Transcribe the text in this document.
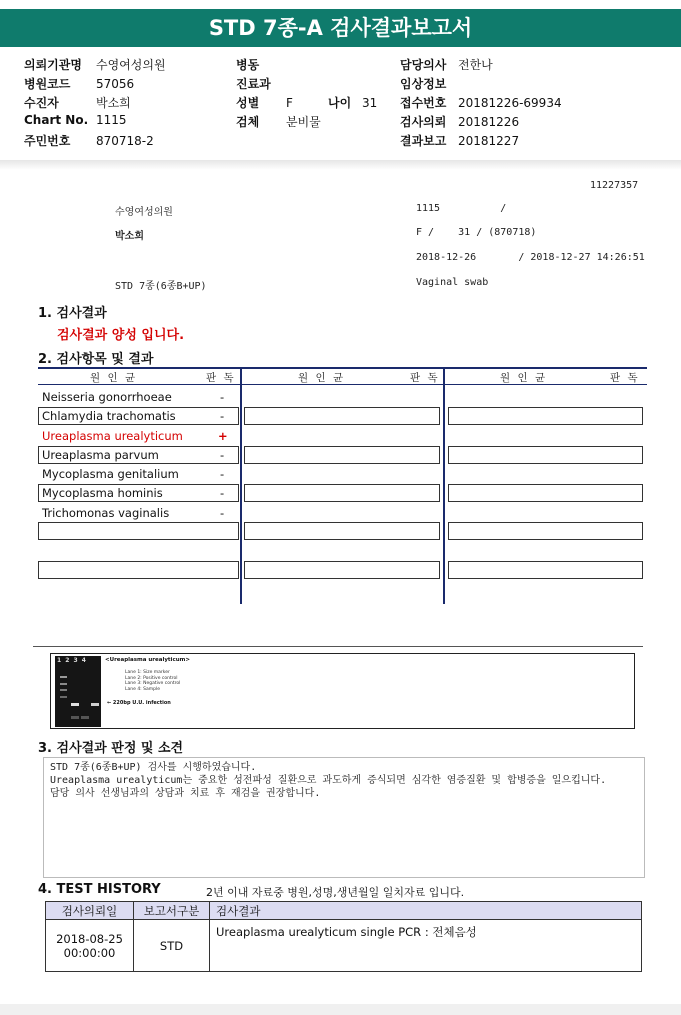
STD 7종-A 검사결과보고서
의뢰기관명 수영여성의원
병원코드 57056
수진자	박소희
Chart No. 1115
주민번호 870718-2
병동
진료과
성별 F	나이 31
검체 분비물
담당의사 전한나
임상정보
접수번호 20181226-69934
검사의뢰 20181226
결과보고 20181227
11227357
수영여성의원	1115          /
박소희	F /    31 / (870718)
2018-12-26       / 2018-12-27 14:26:51
STD 7종(6종B+UP)	Vaginal swab
1. 검사결과
검사결과 양성 입니다.
2. 검사항목 및 결과
원 인 균	판 독	원 인 균	판 독	원 인 균	판 독
Neisseria gonorrhoeae	-
Chlamydia trachomatis	-
Ureaplasma urealyticum	+
Ureaplasma parvum	-
Mycoplasma genitalium	-
Mycoplasma hominis	-
Trichomonas vaginalis	-
1 2 3 4	<Ureaplasma urealyticum>
Lane 1: Size marker
Lane 2: Positive control
Lane 3: Negative control
Lane 4: Sample
← 220bp U.U. infection
3. 검사결과 판정 및 소견
STD 7종(6종B+UP) 검사를 시행하였습니다.
Ureaplasma urealyticum는 중요한 성전파성 질환으로 과도하게 증식되면 심각한 염증질환 및 합병증을 일으킵니다.
담당 의사 선생님과의 상담과 치료 후 재검을 권장합니다.
4. TEST HISTORY	2년 이내 자료중 병원,성명,생년월일 일치자료 입니다.
검사의뢰일	보고서구분	검사결과

2018-08-25
00:00:00	STD	Ureaplasma urealyticum single PCR : 전체음성
